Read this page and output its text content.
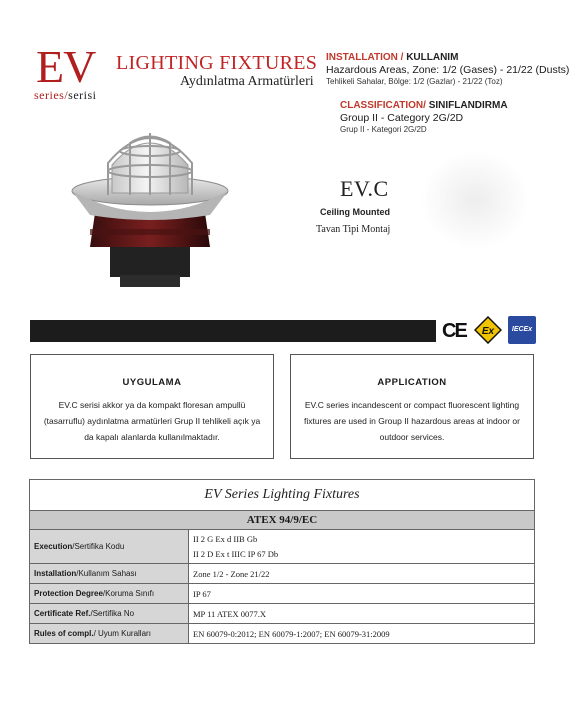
EV
series/serisi
LIGHTING FIXTURES
Aydınlatma Armatürleri
INSTALLATION / KULLANIM
Hazardous Areas, Zone: 1/2 (Gases) - 21/22 (Dusts)
Tehlikeli Sahalar, Bölge: 1/2 (Gazlar) - 21/22 (Toz)
CLASSIFICATION/ SINIFLANDIRMA
Group II - Category 2G/2D
Grup II - Kategori 2G/2D
EV.C
Ceiling Mounted
Tavan Tipi Montaj
CE Ex	IECEx
UYGULAMA
EV.C serisi akkor ya da kompakt floresan ampullü (tasarruflu) aydınlatma armatürleri Grup II tehlikeli açık ya da kapalı alanlarda kullanılmaktadır.
APPLICATION
EV.C series incandescent or compact fluorescent lighting fixtures are used in Group II hazardous areas at indoor or outdoor services.
EV Series Lighting Fixtures	
ATEX 94/9/EC	
Execution/Sertifika Kodu	II 2 G Ex d IIB Gb
II 2 D Ex t IIIC IP 67 Db

Installation/Kullanım Sahası	Zone 1/2 - Zone 21/22
Protection Degree/Koruma Sınıfı	IP 67
Certificate Ref./Sertifika No	MP 11 ATEX 0077.X
Rules of compl./ Uyum Kuralları	EN 60079-0:2012; EN 60079-1:2007; EN 60079-31:2009
